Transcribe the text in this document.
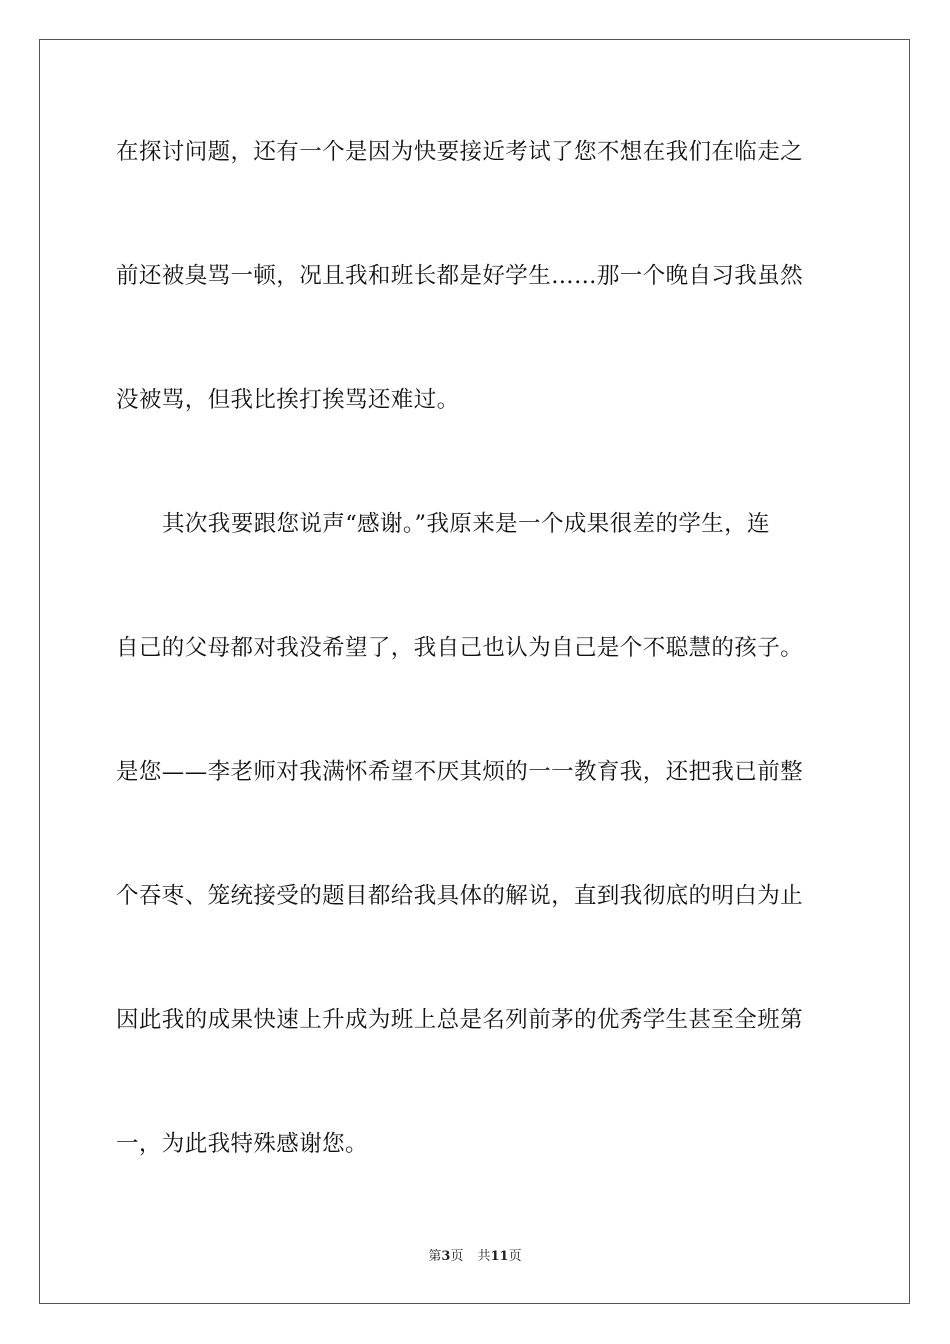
在探讨问题，还有一个是因为快要接近考试了您不想在我们在临走之
前还被臭骂一顿，况且我和班长都是好学生……那一个晚自习我虽然
没被骂，但我比挨打挨骂还难过。
其次我要跟您说声“感谢。”我原来是一个成果很差的学生，连
自己的父母都对我没希望了，我自己也认为自己是个不聪慧的孩子。
是您——李老师对我满怀希望不厌其烦的一一教育我，还把我已前整
个吞枣、笼统接受的题目都给我具体的解说，直到我彻底的明白为止
因此我的成果快速上升成为班上总是名列前茅的优秀学生甚至全班第
一，为此我特殊感谢您。
第3页 共11页
